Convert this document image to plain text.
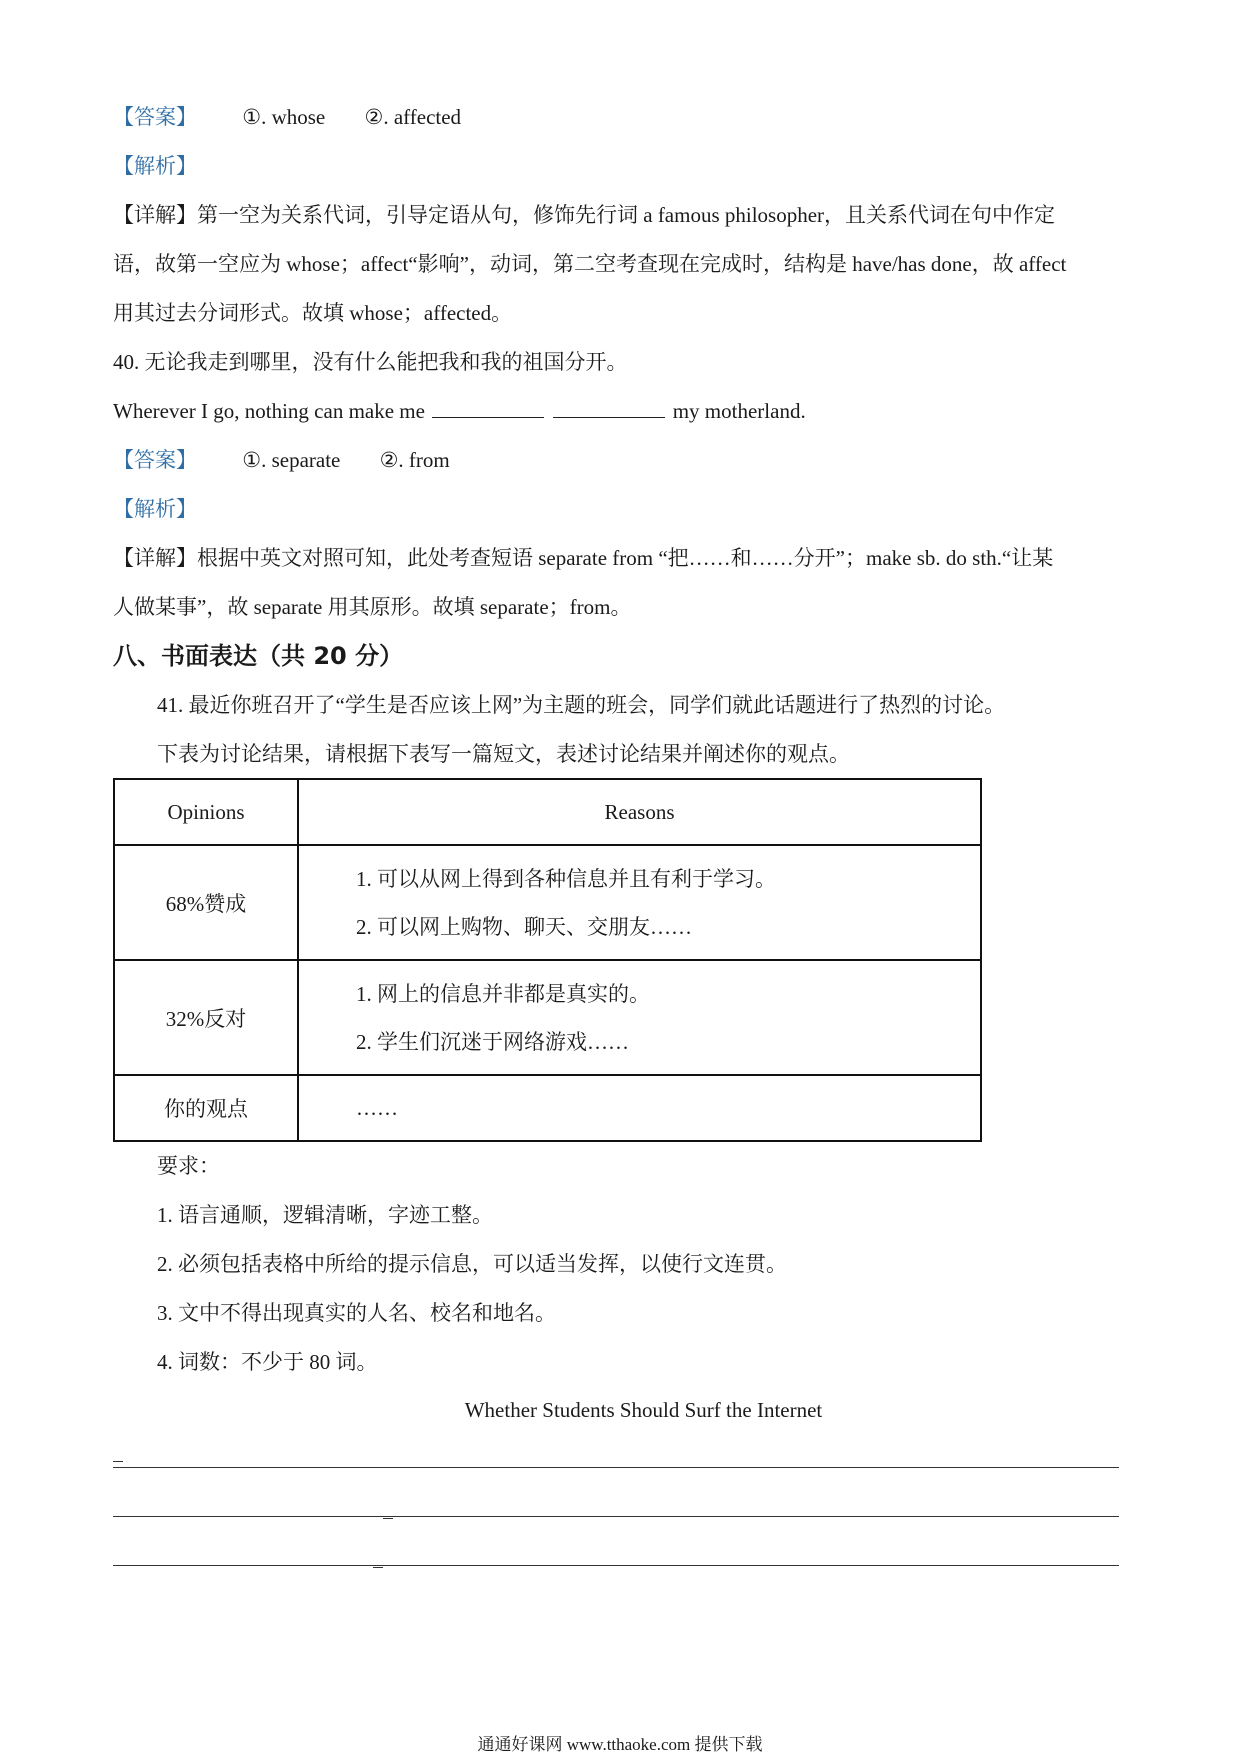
【答案】 ①. whose ②. affected
【解析】
【详解】第一空为关系代词，引导定语从句，修饰先行词 a famous philosopher，且关系代词在句中作定
语，故第一空应为 whose；affect“影响”，动词，第二空考查现在完成时，结构是 have/has done，故 affect
用其过去分词形式。故填 whose；affected。
40. 无论我走到哪里，没有什么能把我和我的祖国分开。
Wherever I go, nothing can make me	my motherland.
【答案】 ①. separate ②. from
【解析】
【详解】根据中英文对照可知，此处考查短语 separate from “把……和……分开”；make sb. do sth.“让某
人做某事”，故 separate 用其原形。故填 separate；from。
八、书面表达（共 20 分）
41. 最近你班召开了“学生是否应该上网”为主题的班会，同学们就此话题进行了热烈的讨论。
下表为讨论结果，请根据下表写一篇短文，表述讨论结果并阐述你的观点。
Opinions	Reasons
68%赞成	1. 可以从网上得到各种信息并且有利于学习。
2. 可以网上购物、聊天、交朋友……

32%反对	1. 网上的信息并非都是真实的。
2. 学生们沉迷于网络游戏……

你的观点	……
要求：
1. 语言通顺，逻辑清晰，字迹工整。
2. 必须包括表格中所给的提示信息，可以适当发挥，以使行文连贯。
3. 文中不得出现真实的人名、校名和地名。
4. 词数：不少于 80 词。
Whether Students Should Surf the Internet
通通好课网 www.tthaoke.com 提供下载
